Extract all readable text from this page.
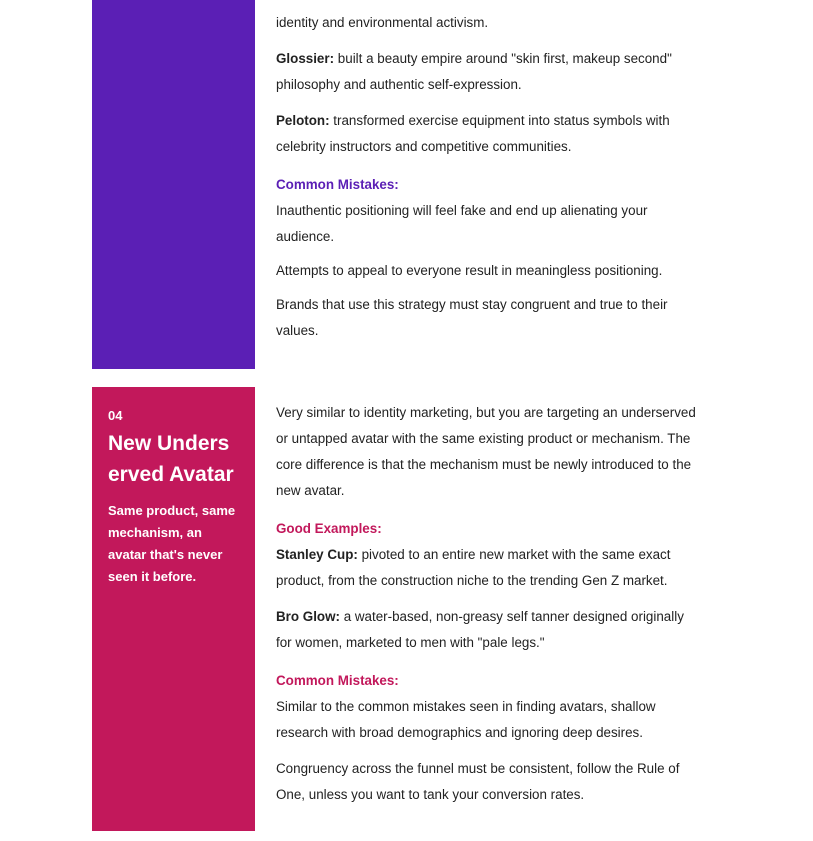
identity and environmental activism.

Glossier: built a beauty empire around "skin first, makeup second" philosophy and authentic self-expression.

Peloton: transformed exercise equipment into status symbols with celebrity instructors and competitive communities.

Common Mistakes:

Inauthentic positioning will feel fake and end up alienating your audience.

Attempts to appeal to everyone result in meaningless positioning.

Brands that use this strategy must stay congruent and true to their values.

04
New Underserved Avatar
Same product, same mechanism, an avatar that's never seen it before.

Very similar to identity marketing, but you are targeting an underserved or untapped avatar with the same existing product or mechanism. The core difference is that the mechanism must be newly introduced to the new avatar.

Good Examples:

Stanley Cup: pivoted to an entire new market with the same exact product, from the construction niche to the trending Gen Z market.

Bro Glow: a water-based, non-greasy self tanner designed originally for women, marketed to men with "pale legs."

Common Mistakes:

Similar to the common mistakes seen in finding avatars, shallow research with broad demographics and ignoring deep desires.

Congruency across the funnel must be consistent, follow the Rule of One, unless you want to tank your conversion rates.
